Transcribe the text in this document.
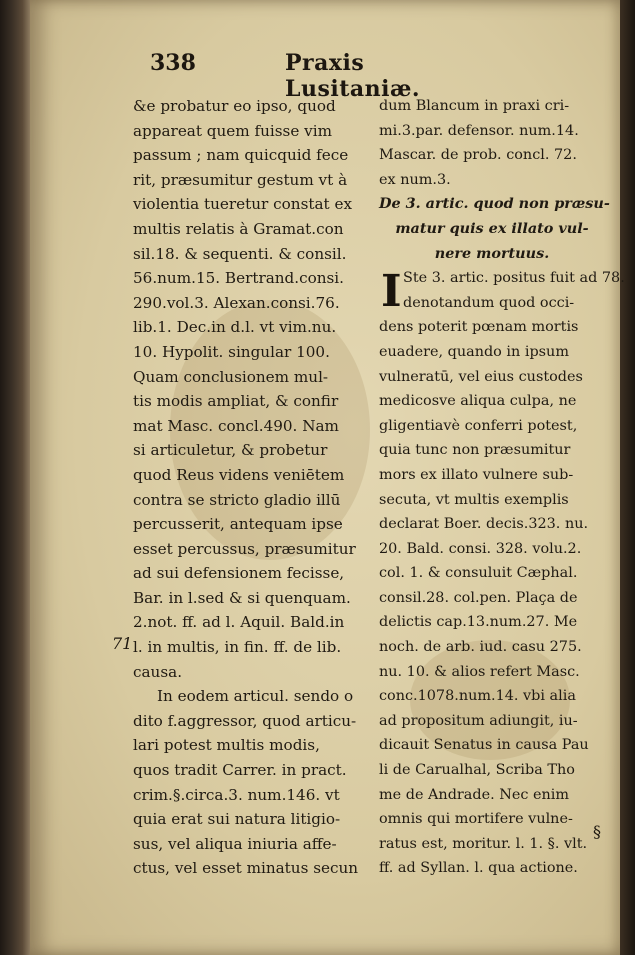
338	Praxis Lusitaniæ.
&e probatur eo ipso, quod
appareat quem fuisse vim
passum ; nam quicquid fece
rit, præsumitur gestum vt à
violentia tueretur constat ex
multis relatis à Gramat.con
sil.18. & sequenti. & consil.
56.num.15. Bertrand.consi.
290.vol.3. Alexan.consi.76.
lib.1. Dec.in d.l. vt vim.nu.
10. Hypolit. singular 100.
Quam conclusionem mul-
tis modis ampliat, & confir
mat Masc. concl.490. Nam
si articuletur, & probetur
quod Reus videns veniētem
contra se stricto gladio illū
percusserit, antequam ipse
esset percussus, præsumitur
ad sui defensionem fecisse,
Bar. in l.sed & si quenquam.
2.not. ff. ad l. Aquil. Bald.in
l. in multis, in fin. ff. de lib.
causa.
In eodem articul. sendo o
dito f.aggressor, quod articu-
lari potest multis modis,
quos tradit Carrer. in pract.
crim.§.circa.3. num.146. vt
quia erat sui natura litigio-
sus, vel aliqua iniuria affe-
ctus, vel esset minatus secun
71
dum Blancum in praxi cri-
mi.3.par. defensor. num.14.
Mascar. de prob. concl. 72.
ex num.3.
De 3. artic. quod non præsu-
matur quis ex illato vul-
nere mortuus.
I Ste 3. artic. positus fuit ad 78.
denotandum quod occi-
dens poterit pœnam mortis
euadere, quando in ipsum
vulneratū, vel eius custodes
medicosve aliqua culpa, ne
gligentiavè conferri potest,
quia tunc non præsumitur
mors ex illato vulnere sub-
secuta, vt multis exemplis
declarat Boer. decis.323. nu.
20. Bald. consi. 328. volu.2.
col. 1. & consuluit Cæphal.
consil.28. col.pen. Plaça de
delictis cap.13.num.27. Me
noch. de arb. iud. casu 275.
nu. 10. & alios refert Masc.
conc.1078.num.14. vbi alia
ad propositum adiungit, iu-
dicauit Senatus in causa Pau
li de Carualhal, Scriba Tho
me de Andrade. Nec enim
omnis qui mortifere vulne-
ratus est, moritur. l. 1. §. vlt.
ff. ad Syllan. l. qua actione.
§
